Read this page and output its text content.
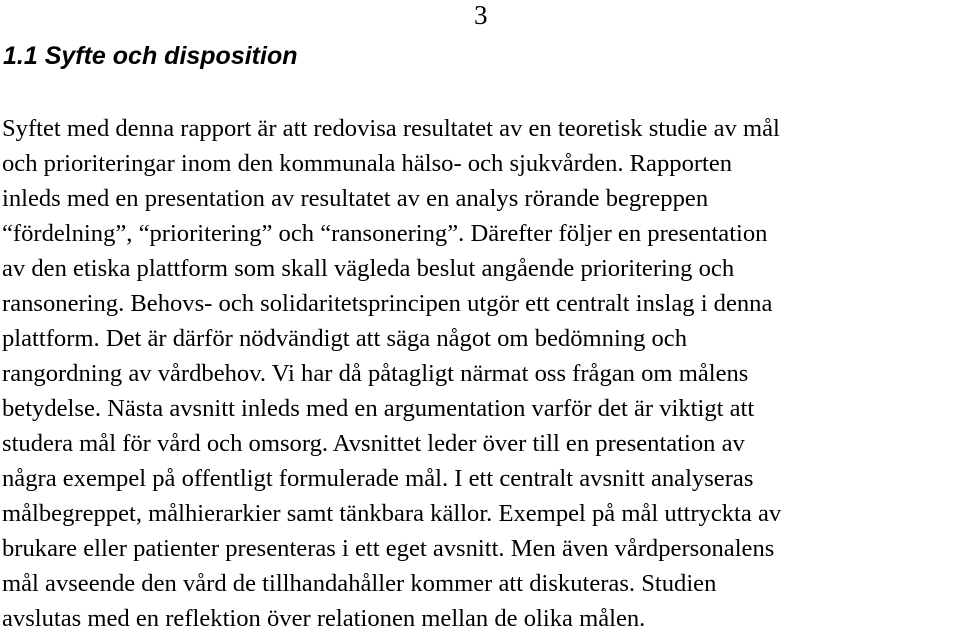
3
1.1 Syfte och disposition
Syftet med denna rapport är att redovisa resultatet av en teoretisk studie av mål
och prioriteringar inom den kommunala hälso- och sjukvården. Rapporten
inleds med en presentation av resultatet av en analys rörande begreppen
“fördelning”, “prioritering” och “ransonering”. Därefter följer en presentation
av den etiska plattform som skall vägleda beslut angående prioritering och
ransonering. Behovs- och solidaritetsprincipen utgör ett centralt inslag i denna
plattform. Det är därför nödvändigt att säga något om bedömning och
rangordning av vårdbehov. Vi har då påtagligt närmat oss frågan om målens
betydelse. Nästa avsnitt inleds med en argumentation varför det är viktigt att
studera mål för vård och omsorg. Avsnittet leder över till en presentation av
några exempel på offentligt formulerade mål. I ett centralt avsnitt analyseras
målbegreppet, målhierarkier samt tänkbara källor. Exempel på mål uttryckta av
brukare eller patienter presenteras i ett eget avsnitt. Men även vårdpersonalens
mål avseende den vård de tillhandahåller kommer att diskuteras. Studien
avslutas med en reflektion över relationen mellan de olika målen.
